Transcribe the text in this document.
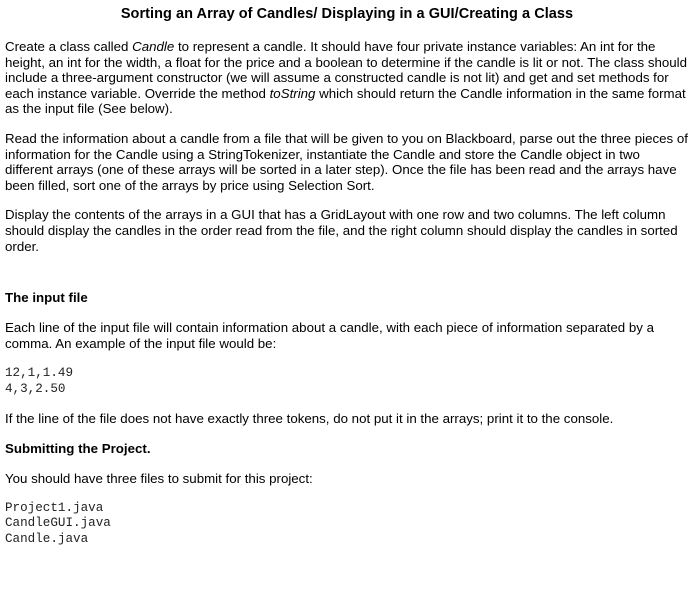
Sorting an Array of Candles/ Displaying in a GUI/Creating a Class

Create a class called Candle to represent a candle. It should have four private instance variables: An int for the height, an int for the width, a float for the price and a boolean to determine if the candle is lit or not. The class should include a three-argument constructor (we will assume a constructed candle is not lit) and get and set methods for each instance variable. Override the method toString which should return the Candle information in the same format as the input file (See below).

Read the information about a candle from a file that will be given to you on Blackboard, parse out the three pieces of information for the Candle using a StringTokenizer, instantiate the Candle and store the Candle object in two different arrays (one of these arrays will be sorted in a later step). Once the file has been read and the arrays have been filled, sort one of the arrays by price using Selection Sort.

Display the contents of the arrays in a GUI that has a GridLayout with one row and two columns. The left column should display the candles in the order read from the file, and the right column should display the candles in sorted order.

The input file

Each line of the input file will contain information about a candle, with each piece of information separated by a comma. An example of the input file would be:

12,1,1.49
4,3,2.50

If the line of the file does not have exactly three tokens, do not put it in the arrays; print it to the console.

Submitting the Project.

You should have three files to submit for this project:

Project1.java
CandleGUI.java
Candle.java
